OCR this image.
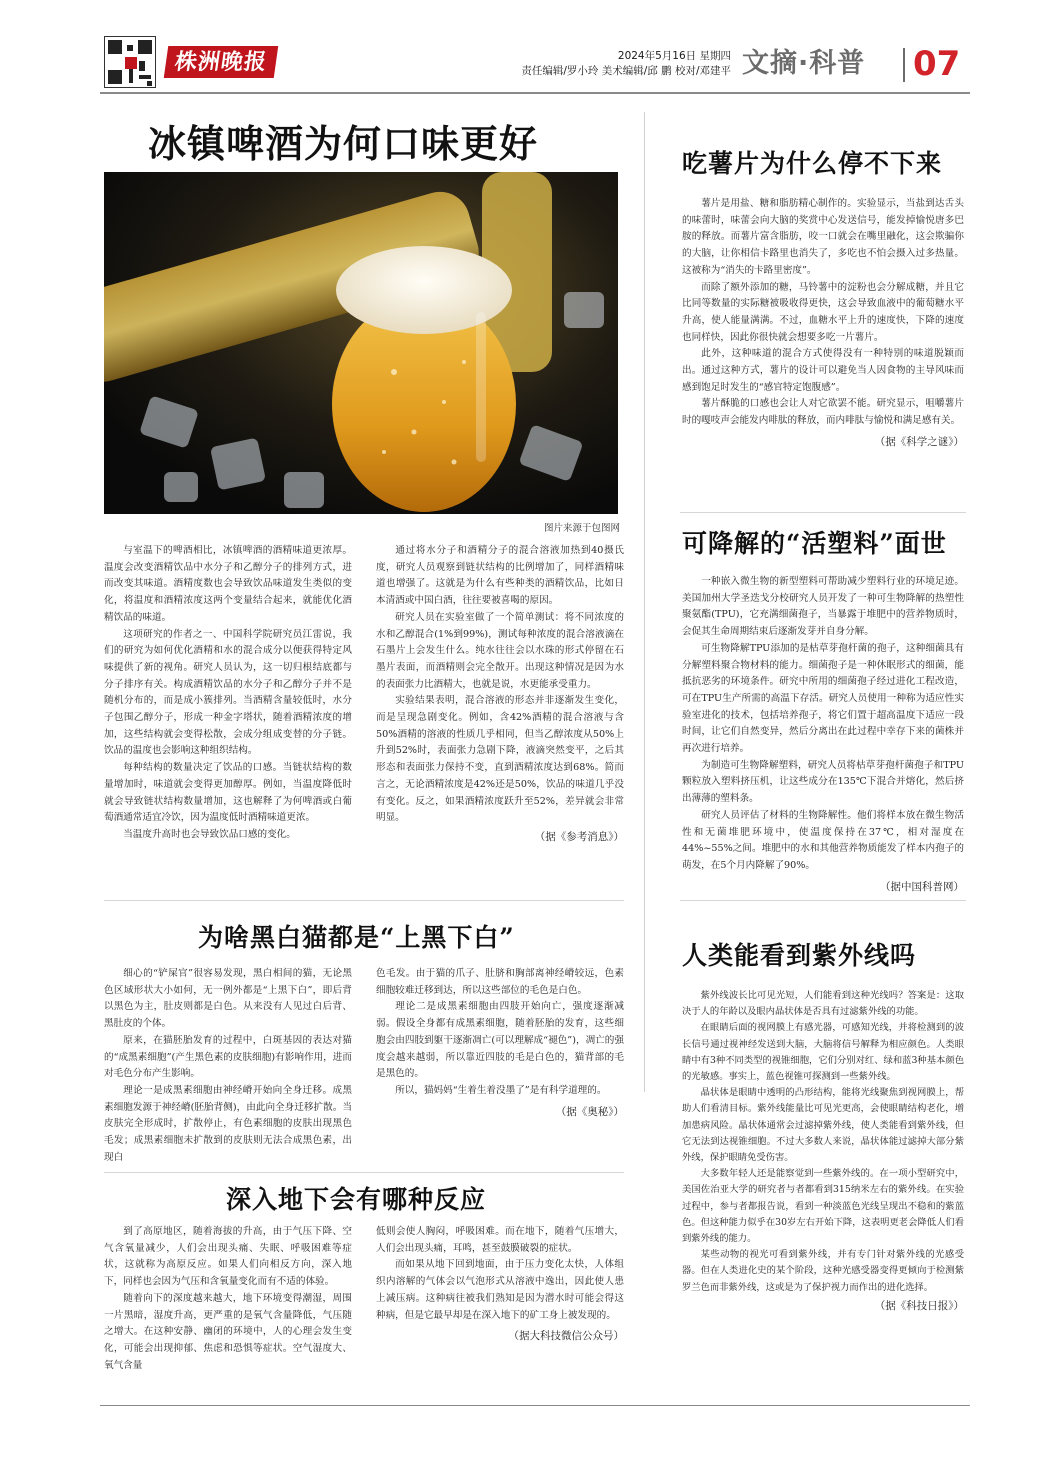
株洲晚报	2024年5月16日 星期四
责任编辑/罗小玲 美术编辑/邱 鹏 校对/邓建平 文摘·科普	07
冰镇啤酒为何口味更好
图片来源于包图网

与室温下的啤酒相比，冰镇啤酒的酒精味道更浓厚。温度会改变酒精饮品中水分子和乙醇分子的排列方式，进而改变其味道。酒精度数也会导致饮品味道发生类似的变化，将温度和酒精浓度这两个变量结合起来，就能优化酒精饮品的味道。

这项研究的作者之一、中国科学院研究员江雷说，我们的研究为如何优化酒精和水的混合成分以便获得特定风味提供了新的视角。研究人员认为，这一切归根结底都与分子排序有关。构成酒精饮品的水分子和乙醇分子并不是随机分布的，而是成小簇排列。当酒精含量较低时，水分子包围乙醇分子，形成一种金字塔状，随着酒精浓度的增加，这些结构就会变得松散，会成分组成变替的分子链。饮品的温度也会影响这种组织结构。

每种结构的数量决定了饮品的口感。当链状结构的数量增加时，味道就会变得更加醇厚。例如，当温度降低时就会导致链状结构数量增加，这也解释了为何啤酒或白葡萄酒通常适宜冷饮，因为温度低时酒精味道更浓。

当温度升高时也会导致饮品口感的变化。

通过将水分子和酒精分子的混合溶液加热到40摄氏度，研究人员观察到链状结构的比例增加了，同样酒精味道也增强了。这就是为什么有些种类的酒精饮品，比如日本清酒或中国白酒，往往要被喜喝的原因。

研究人员在实验室做了一个简单测试：将不同浓度的水和乙醇混合(1%到99%)，测试每种浓度的混合溶液滴在石墨片上会发生什么。纯水往往会以水珠的形式停留在石墨片表面，而酒精则会完全散开。出现这种情况是因为水的表面张力比酒精大，也就是说，水更能承受重力。

实验结果表明，混合溶液的形态并非逐渐发生变化，而是呈现急剧变化。例如，含42%酒精的混合溶液与含50%酒精的溶液的性质几乎相同，但当乙醇浓度从50%上升到52%时，表面张力急剧下降，液滴突然变平，之后其形态和表面张力保持不变，直到酒精浓度达到68%。简而言之，无论酒精浓度是42%还是50%，饮品的味道几乎没有变化。反之，如果酒精浓度跃升至52%，差异就会非常明显。

（据《参考消息》）
为啥黑白猫都是“上黑下白”

细心的“铲屎官”很容易发现，黑白相间的猫，无论黑色区域形状大小如何，无一例外都是“上黑下白”，即后背以黑色为主，肚皮则都是白色。从来没有人见过白后背、黑肚皮的个体。

原来，在猫胚胎发育的过程中，白斑基因的表达对猫的“成黑素细胞”(产生黑色素的皮肤细胞)有影响作用，进而对毛色分布产生影响。

理论一是成黑素细胞由神经嵴开始向全身迁移。成黑素细胞发源于神经嵴(胚胎背侧)，由此向全身迁移扩散。当皮肤完全形成时，扩散停止，有色素细胞的皮肤出现黑色毛发；成黑素细胞未扩散到的皮肤则无法合成黑色素，出现白

色毛发。由于猫的爪子、肚脐和胸部离神经嵴较远，色素细胞较难迁移到达，所以这些部位的毛色是白色。

理论二是成黑素细胞由四肢开始向亡，强度逐渐减弱。假设全身都有成黑素细胞，随着胚胎的发育，这些细胞会由四肢到躯干逐渐凋亡(可以理解成“褪色”)，凋亡的强度会越来越弱，所以靠近四肢的毛是白色的，猫背部的毛是黑色的。

所以，猫妈妈“生着生着没墨了”是有科学道理的。

（据《奥秘》）
深入地下会有哪种反应

到了高原地区，随着海拔的升高，由于气压下降、空气含氧量减少，人们会出现头痛、失眠、呼吸困难等症状，这就称为高原反应。如果人们向相反方向，深入地下，同样也会因为气压和含氧量变化而有不适的体验。

随着向下的深度越来越大，地下环境变得潮湿，周围一片黑暗，湿度升高，更严重的是氧气含量降低，气压随之增大。在这种安静、幽闭的环境中，人的心理会发生变化，可能会出现抑郁、焦虑和恐惧等症状。空气湿度大、氧气含量

低则会使人胸闷，呼吸困难。而在地下，随着气压增大，人们会出现头痛，耳鸣，甚至鼓膜破裂的症状。

而如果从地下回到地面，由于压力变化太快，人体组织内溶解的气体会以气泡形式从溶液中逸出，因此使人患上减压病。这种病往被我们熟知是因为潜水时可能会得这种病，但是它最早却是在深入地下的矿工身上被发现的。

（据大科技微信公众号）
吃薯片为什么停不下来

薯片是用盐、糖和脂肪精心制作的。实验显示，当盐到达舌头的味蕾时，味蕾会向大脑的奖赏中心发送信号，能发掉愉悦唐多巴胺的释放。而薯片富含脂肪，咬一口就会在嘴里融化，这会欺骗你的大脑，让你相信卡路里也消失了，多吃也不怕会摄入过多热量。这被称为“消失的卡路里密度”。

而除了额外添加的糖，马铃薯中的淀粉也会分解成糖，并且它比同等数量的实际糖被吸收得更快，这会导致血液中的葡萄糖水平升高，使人能量满满。不过，血糖水平上升的速度快，下降的速度也同样快，因此你很快就会想要多吃一片薯片。

此外，这种味道的混合方式使得没有一种特别的味道脱颖而出。通过这种方式，薯片的设计可以避免当人因食物的主导风味而感到饱足时发生的“感官特定饱腹感”。

薯片酥脆的口感也会让人对它欲罢不能。研究显示，咀嚼薯片时的嘎吱声会能发内啡肽的释放，而内啡肽与愉悦和满足感有关。

（据《科学之谜》）
可降解的“活塑料”面世

一种嵌入微生物的新型塑料可帮助减少塑料行业的环境足迹。美国加州大学圣迭戈分校研究人员开发了一种可生物降解的热塑性聚氨酯(TPU)，它充满细菌孢子，当暴露于堆肥中的营养物质时，会促其生命周期结束后逐渐发芽并自身分解。

可生物降解TPU添加的是枯草芽孢杆菌的孢子，这种细菌具有分解塑料聚合物材料的能力。细菌孢子是一种休眠形式的细菌，能抵抗恶劣的环境条件。研究中所用的细菌孢子经过进化工程改造，可在TPU生产所需的高温下存活。研究人员使用一种称为适应性实验室进化的技术，包括培养孢子，将它们置于超高温度下适应一段时间，让它们自然变异，然后分离出在此过程中幸存下来的菌株并再次进行培养。

为制造可生物降解塑料，研究人员将枯草芽孢杆菌孢子和TPU颗粒放入塑料挤压机，让这些成分在135℃下混合并熔化，然后挤出薄薄的塑料条。

研究人员评估了材料的生物降解性。他们将样本放在微生物活性和无菌堆肥环境中，使温度保持在37℃，相对湿度在44%~55%之间。堆肥中的水和其他营养物质能发了样本内孢子的萌发，在5个月内降解了90%。

（据中国科普网）
人类能看到紫外线吗

紫外线波长比可见光短，人们能看到这种光线吗？答案是：这取决于人的年龄以及眼内晶状体是否具有过滤紫外线的功能。

在眼睛后面的视网膜上有感光器，可感知光线，并将检测到的波长信号通过视神经发送到大脑，大脑将信号解释为相应颜色。人类眼睛中有3种不同类型的视锥细胞，它们分别对红、绿和蓝3种基本颜色的光敏感。事实上，蓝色视锥可探测到一些紫外线。

晶状体是眼睛中透明的凸形结构，能将光线聚焦到视网膜上，帮助人们看清目标。紫外线能量比可见光更高，会使眼睛结构老化，增加患病风险。晶状体通常会过滤掉紫外线，使人类能看到紫外线，但它无法到达视锥细胞。不过大多数人来说，晶状体能过滤掉大部分紫外线，保护眼睛免受伤害。

大多数年轻人还是能察觉到一些紫外线的。在一项小型研究中，美国佐治亚大学的研究者与者都看到315纳米左右的紫外线。在实验过程中，参与者都报告说，看到一种淡蓝色光线呈现出不稳和的紫蓝色。但这种能力似乎在30岁左右开始下降，这表明更老会降低人们看到紫外线的能力。

某些动物的视光可看到紫外线，并有专门针对紫外线的光感受器。但在人类进化史的某个阶段，这种光感受器变得更倾向于检测紫罗兰色而非紫外线，这或是为了保护视力而作出的进化选择。

（据《科技日报》）
